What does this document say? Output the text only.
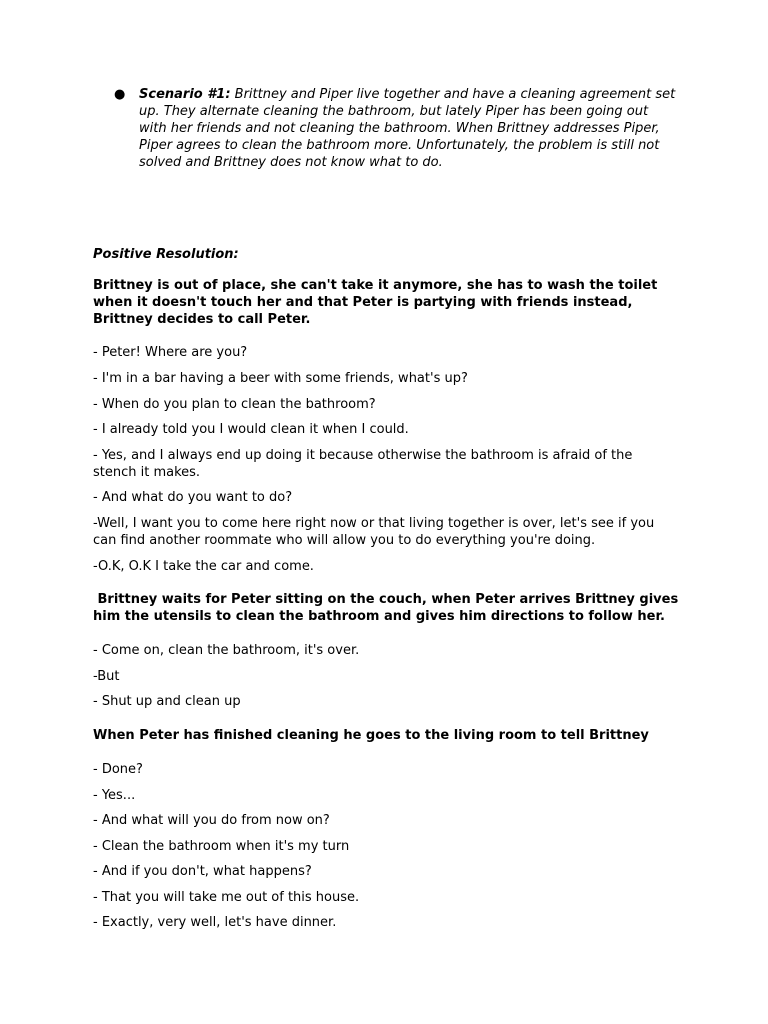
● Scenario #1: Brittney and Piper live together and have a cleaning agreement set
up. They alternate cleaning the bathroom, but lately Piper has been going out
with her friends and not cleaning the bathroom. When Brittney addresses Piper,
Piper agrees to clean the bathroom more. Unfortunately, the problem is still not
solved and Brittney does not know what to do.
Positive Resolution:
Brittney is out of place, she can't take it anymore, she has to wash the toilet
when it doesn't touch her and that Peter is partying with friends instead,
Brittney decides to call Peter.
- Peter! Where are you?
- I'm in a bar having a beer with some friends, what's up?
- When do you plan to clean the bathroom?
- I already told you I would clean it when I could.
- Yes, and I always end up doing it because otherwise the bathroom is afraid of the
stench it makes.
- And what do you want to do?
-Well, I want you to come here right now or that living together is over, let's see if you
can find another roommate who will allow you to do everything you're doing.
-O.K, O.K I take the car and come.
Brittney waits for Peter sitting on the couch, when Peter arrives Brittney gives
him the utensils to clean the bathroom and gives him directions to follow her.
- Come on, clean the bathroom, it's over.
-But
- Shut up and clean up
When Peter has finished cleaning he goes to the living room to tell Brittney
- Done?
- Yes...
- And what will you do from now on?
- Clean the bathroom when it's my turn
- And if you don't, what happens?
- That you will take me out of this house.
- Exactly, very well, let's have dinner.
